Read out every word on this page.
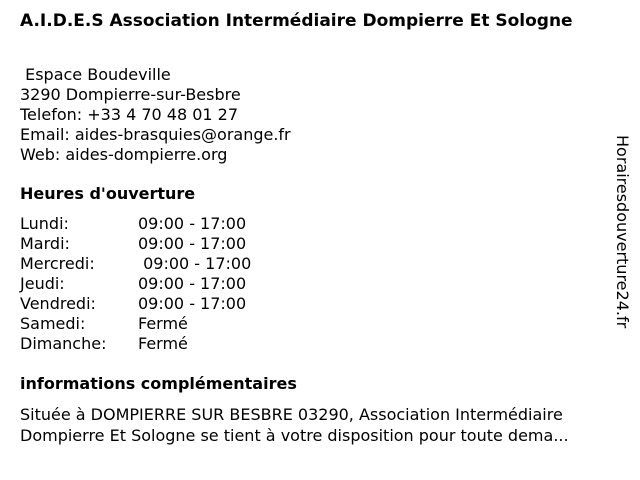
A.I.D.E.S Association Intermédiaire Dompierre Et Sologne
Espace Boudeville
3290 Dompierre-sur-Besbre
Telefon: +33 4 70 48 01 27
Email: aides-brasquies@orange.fr
Web: aides-dompierre.org
Heures d'ouverture
Lundi:	09:00 - 17:00
Mardi:	09:00 - 17:00
Mercredi:	09:00 - 17:00
Jeudi:	09:00 - 17:00
Vendredi:	09:00 - 17:00
Samedi:	Fermé
Dimanche: Fermé
informations complémentaires
Située à DOMPIERRE SUR BESBRE 03290, Association Intermédiaire
Dompierre Et Sologne se tient à votre disposition pour toute dema...
Horairesdouverture24.fr
